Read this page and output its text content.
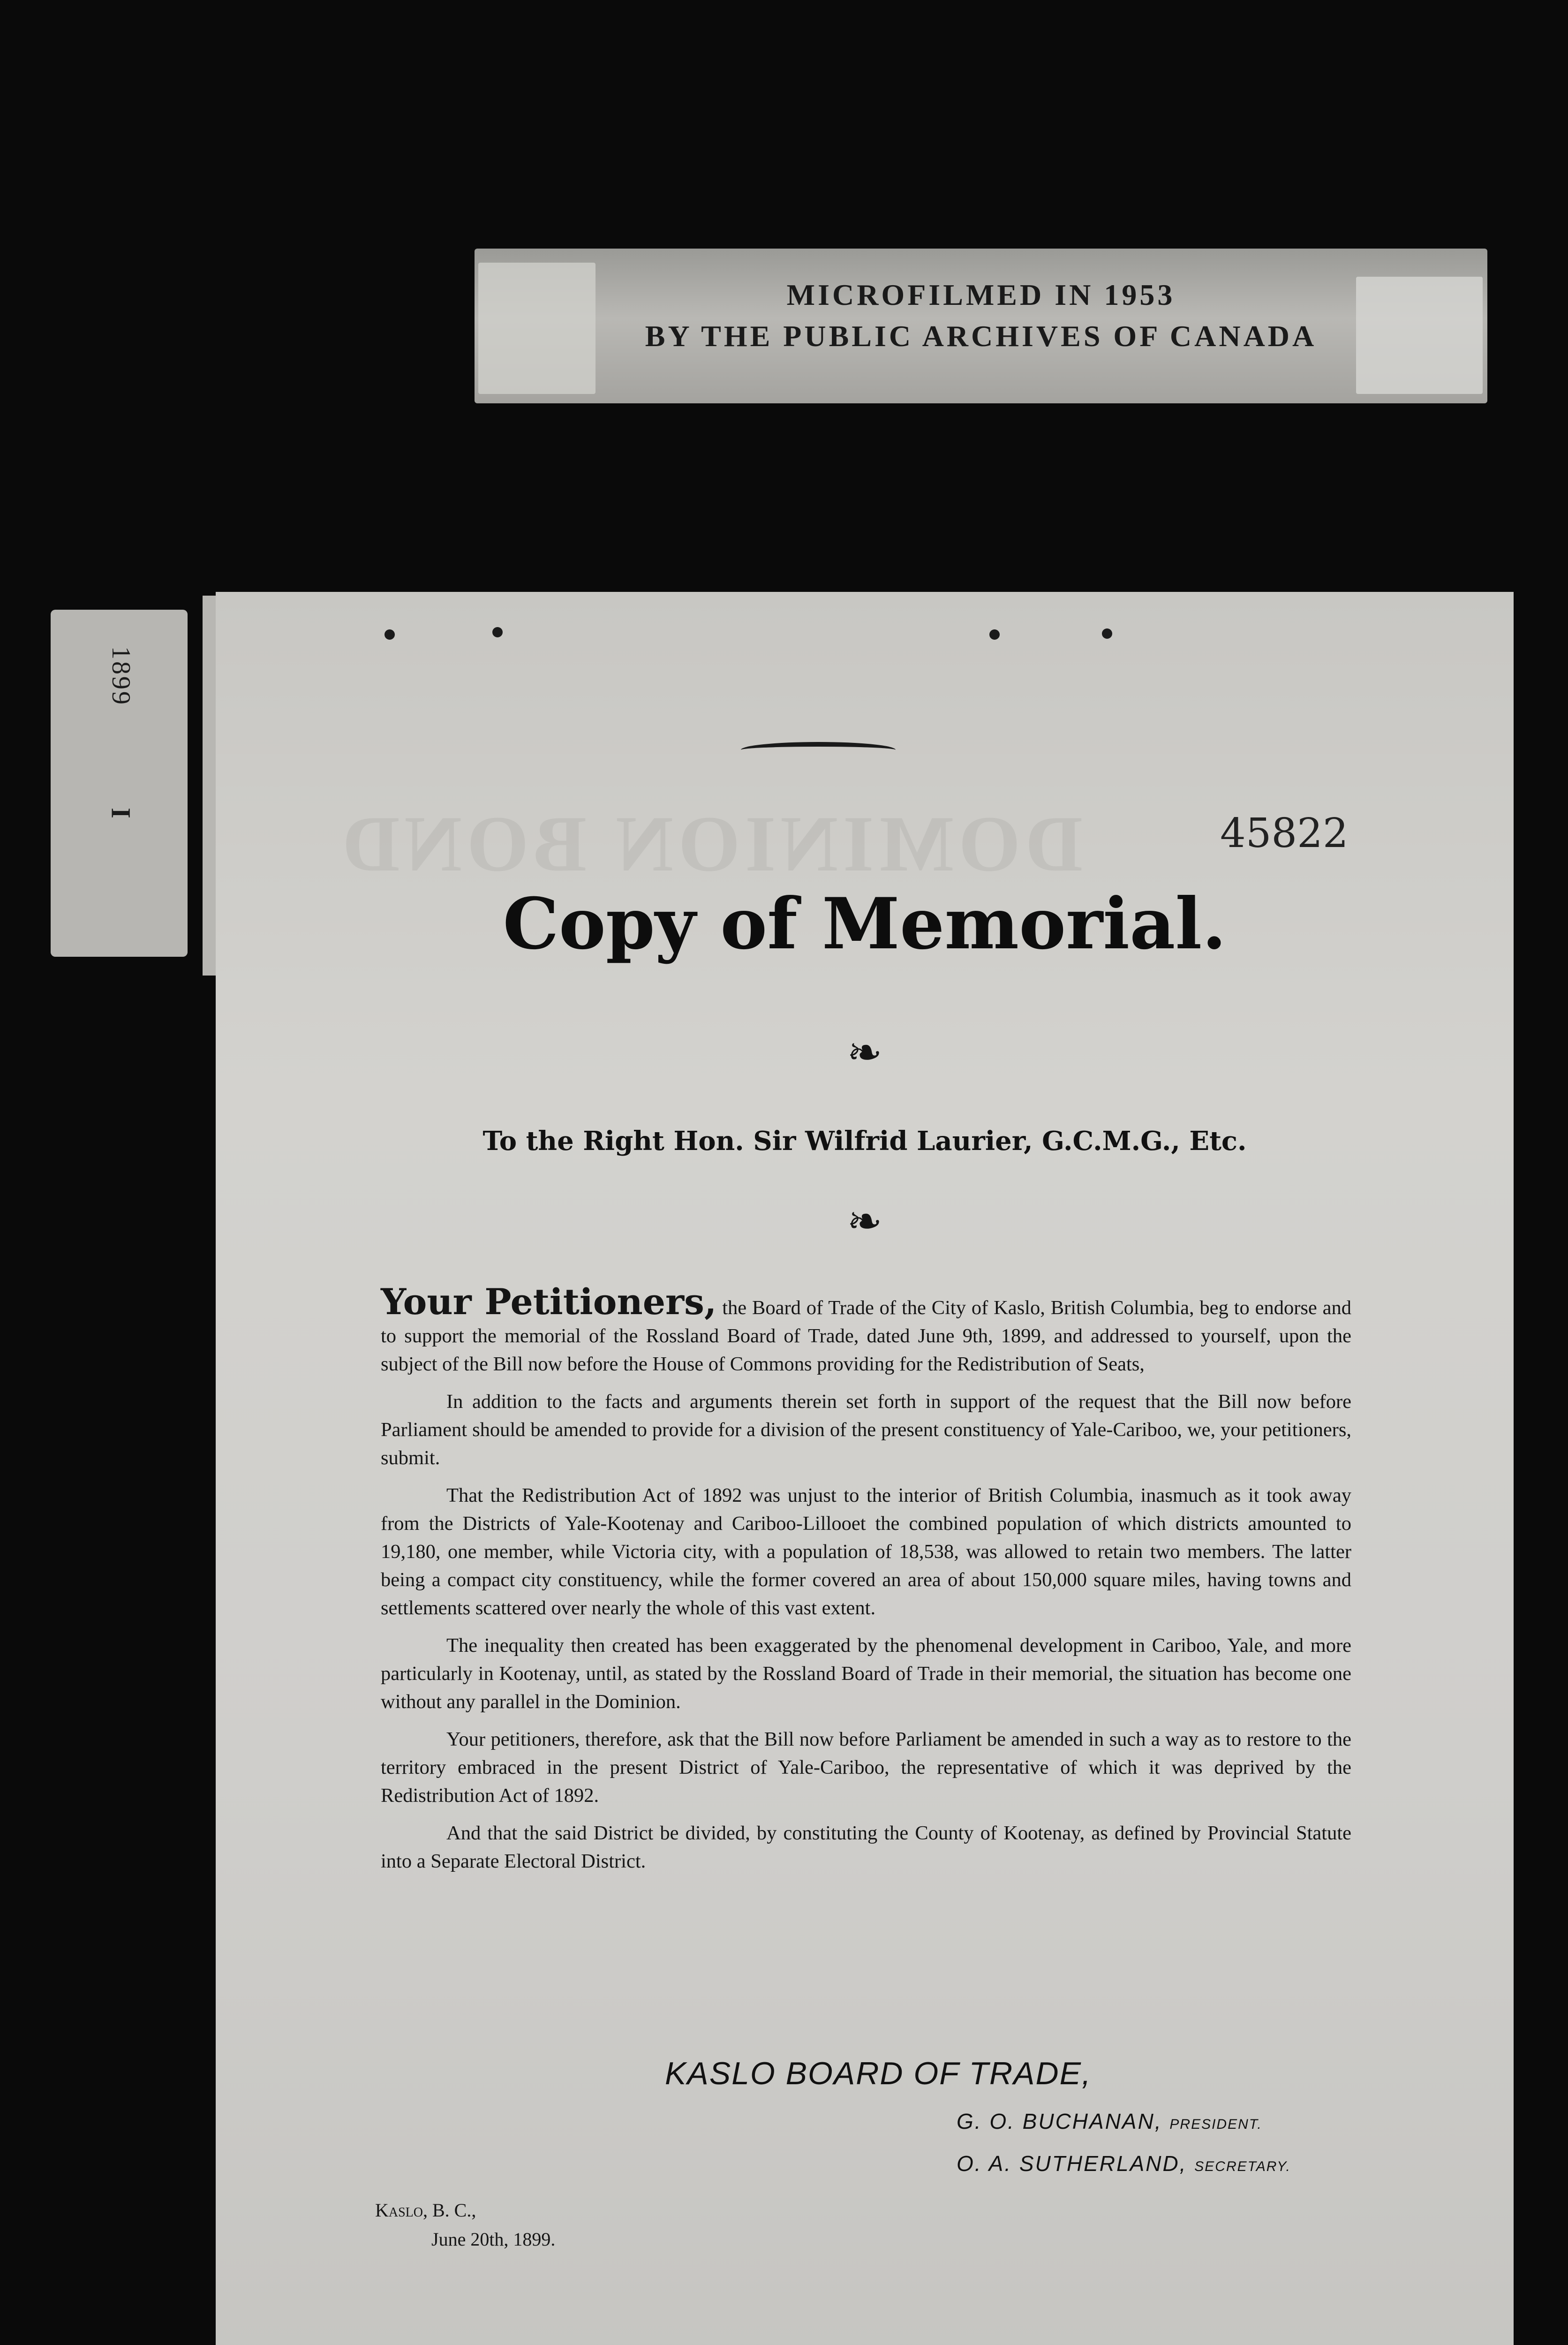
MICROFILMED IN 1953
BY THE PUBLIC ARCHIVES OF CANADA
1899
I	DOMINION BOND	45822
Copy of Memorial.
❧
To the Right Hon. Sir Wilfrid Laurier, G.C.M.G., Etc.
❧

Your Petitioners, the Board of Trade of the City of Kaslo, British Columbia, beg to endorse and to support the memorial of the Rossland Board of Trade, dated June 9th, 1899, and addressed to yourself, upon the subject of the Bill now before the House of Commons providing for the Redistribution of Seats,

In addition to the facts and arguments therein set forth in support of the request that the Bill now before Parliament should be amended to provide for a division of the present constituency of Yale-Cariboo, we, your petitioners, submit.

That the Redistribution Act of 1892 was unjust to the interior of British Columbia, inasmuch as it took away from the Districts of Yale-Kootenay and Cariboo-Lillooet the combined population of which districts amounted to 19,180, one member, while Victoria city, with a population of 18,538, was allowed to retain two members. The latter being a compact city constituency, while the former covered an area of about 150,000 square miles, having towns and settlements scattered over nearly the whole of this vast extent.

The inequality then created has been exaggerated by the phenomenal development in Cariboo, Yale, and more particularly in Kootenay, until, as stated by the Rossland Board of Trade in their memorial, the situation has become one without any parallel in the Dominion.

Your petitioners, therefore, ask that the Bill now before Parliament be amended in such a way as to restore to the territory embraced in the present District of Yale-Cariboo, the representative of which it was deprived by the Redistribution Act of 1892.

And that the said District be divided, by constituting the County of Kootenay, as defined by Provincial Statute into a Separate Electoral District.

KASLO BOARD OF TRADE,
G. O. BUCHANAN, PRESIDENT.
O. A. SUTHERLAND, SECRETARY.
Kaslo, B. C.,
June 20th, 1899.
